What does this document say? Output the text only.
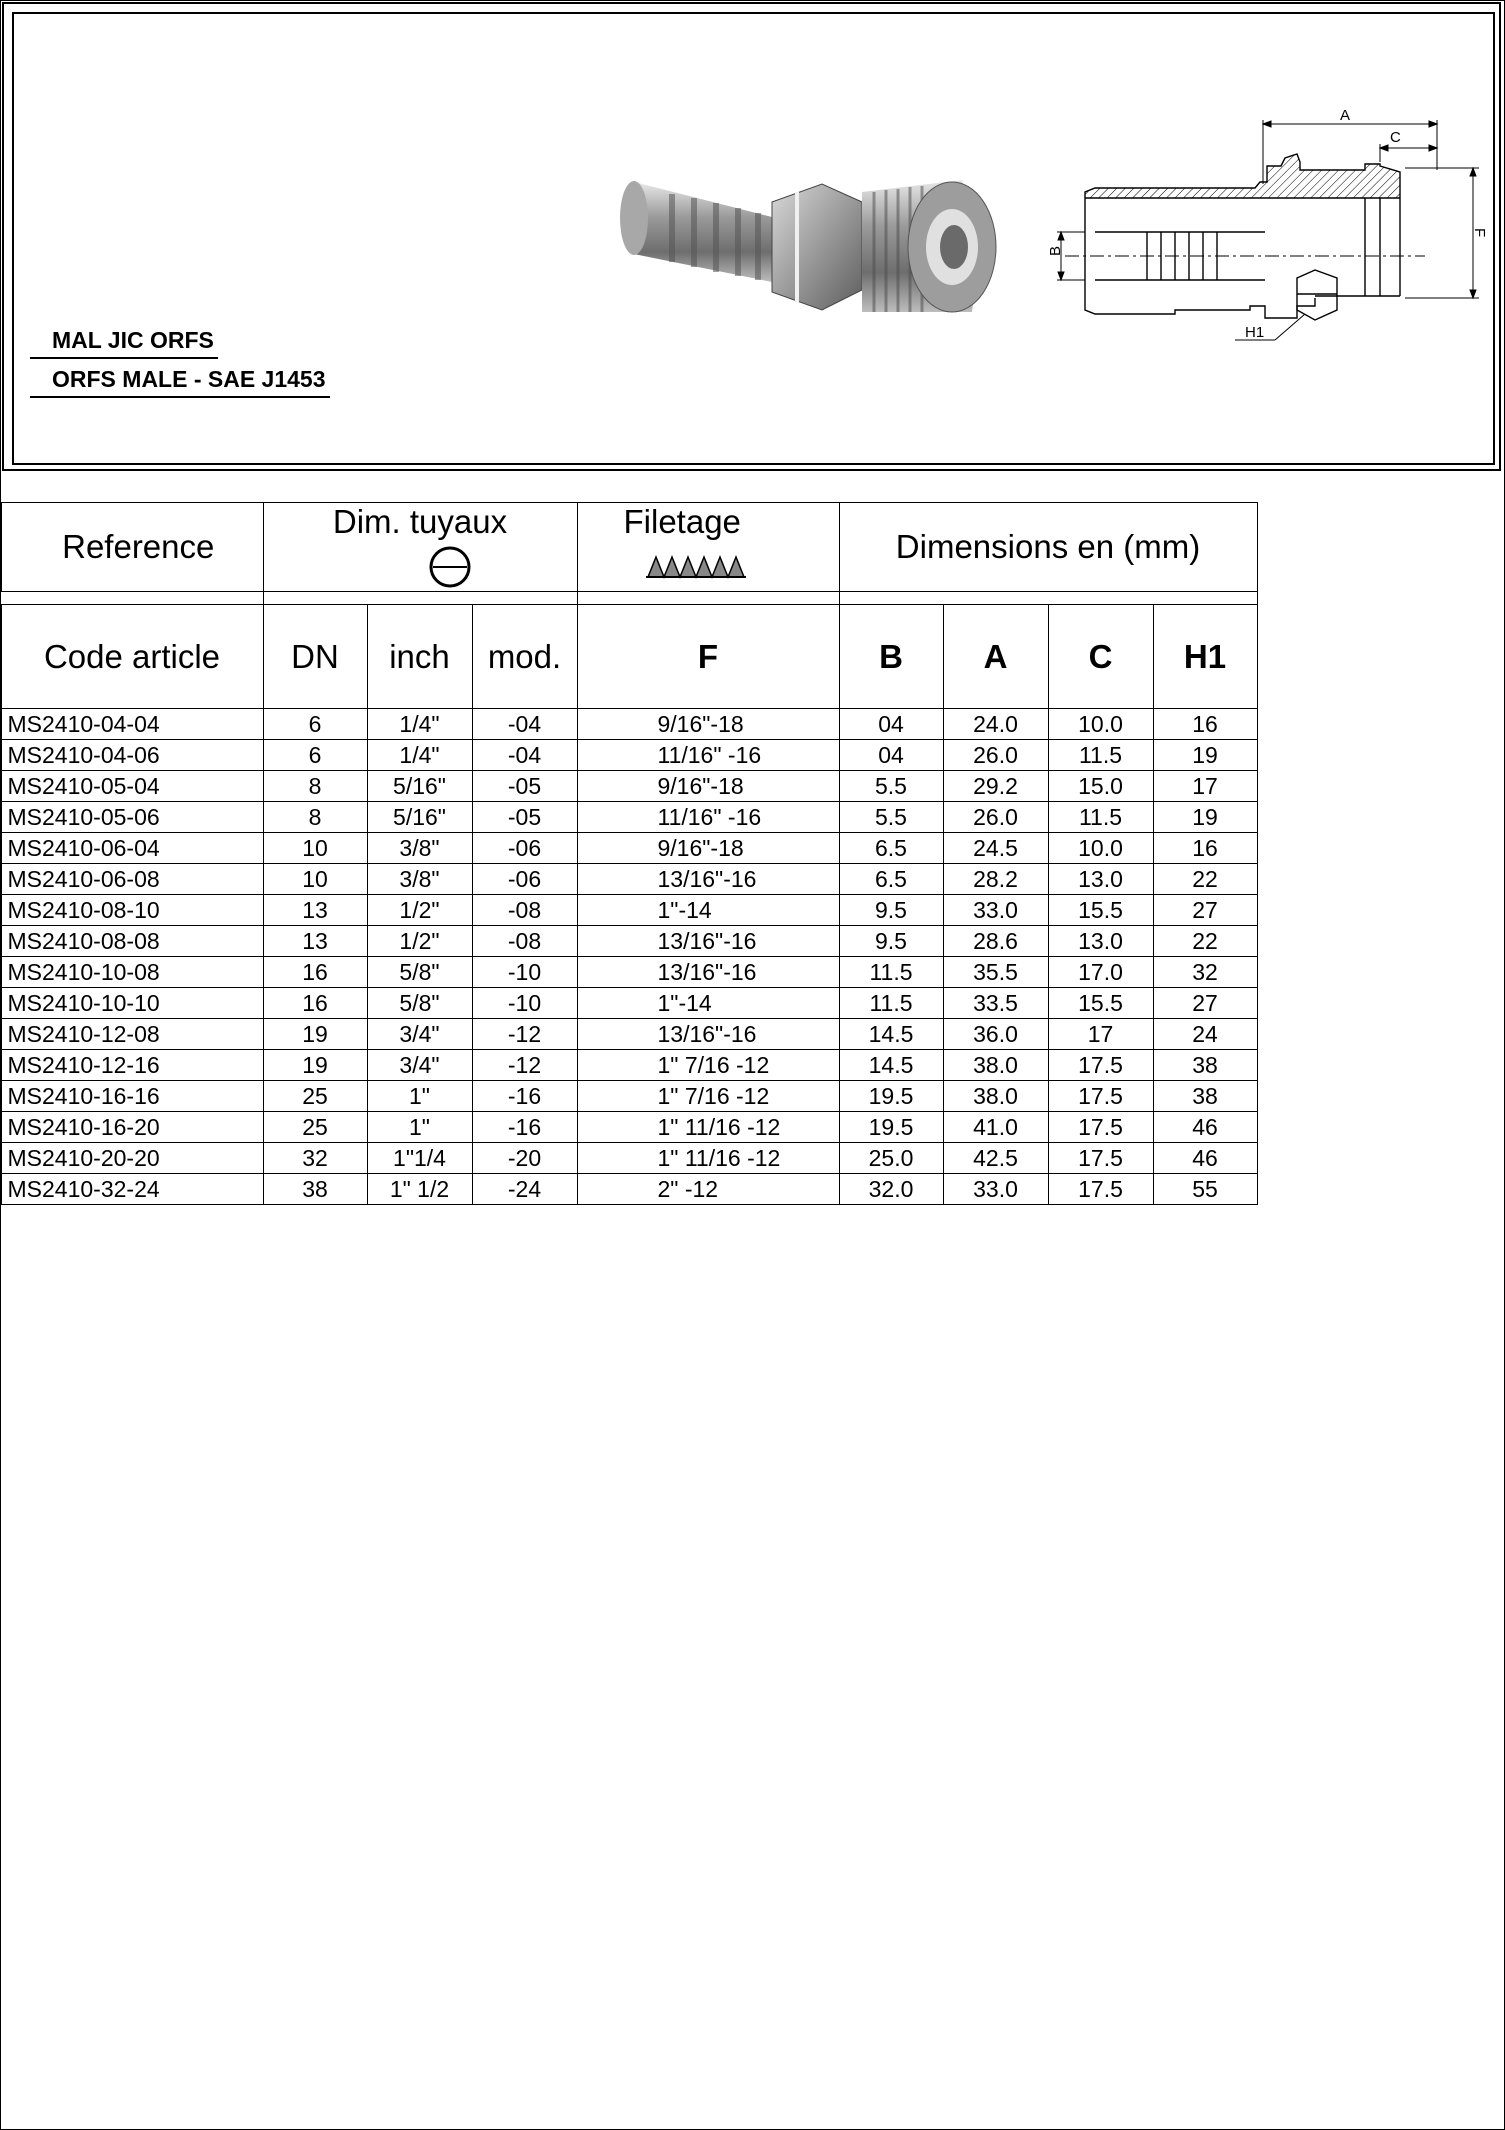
MAL JIC ORFS
ORFS MALE - SAE J1453
A
C
B
F
H1
Reference	Dim. tuyaux			Filetage	Dimensions en (mm)			

Code article	DN	inch	mod.	F	B	A	C	H1
MS2410-04-04	6	1/4"	-04	9/16"-18	04	24.0	10.0	16
MS2410-04-06	6	1/4"	-04	11/16" -16	04	26.0	11.5	19
MS2410-05-04	8	5/16"	-05	9/16"-18	5.5	29.2	15.0	17
MS2410-05-06	8	5/16"	-05	11/16" -16	5.5	26.0	11.5	19
MS2410-06-04	10	3/8"	-06	9/16"-18	6.5	24.5	10.0	16
MS2410-06-08	10	3/8"	-06	13/16"-16	6.5	28.2	13.0	22
MS2410-08-10	13	1/2"	-08	1"-14	9.5	33.0	15.5	27
MS2410-08-08	13	1/2"	-08	13/16"-16	9.5	28.6	13.0	22
MS2410-10-08	16	5/8"	-10	13/16"-16	11.5	35.5	17.0	32
MS2410-10-10	16	5/8"	-10	1"-14	11.5	33.5	15.5	27
MS2410-12-08	19	3/4"	-12	13/16"-16	14.5	36.0	17	24
MS2410-12-16	19	3/4"	-12	1" 7/16 -12	14.5	38.0	17.5	38
MS2410-16-16	25	1"	-16	1" 7/16 -12	19.5	38.0	17.5	38
MS2410-16-20	25	1"	-16	1" 11/16 -12	19.5	41.0	17.5	46
MS2410-20-20	32	1"1/4	-20	1" 11/16 -12	25.0	42.5	17.5	46
MS2410-32-24	38	1" 1/2	-24	2" -12	32.0	33.0	17.5	55
